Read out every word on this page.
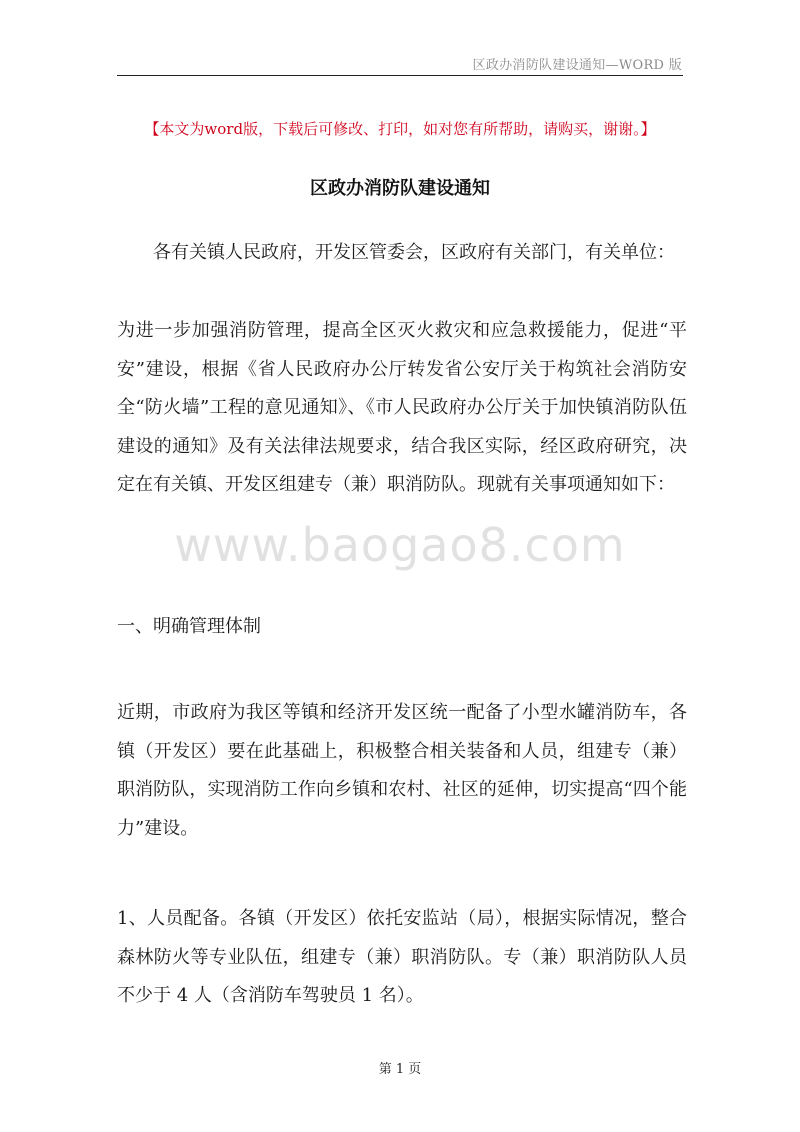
区政办消防队建设通知—WORD 版
【本文为word版，下载后可修改、打印，如对您有所帮助，请购买，谢谢。】
区政办消防队建设通知
各有关镇人民政府，开发区管委会，区政府有关部门，有关单位：
为进一步加强消防管理，提高全区灭火救灾和应急救援能力，促进“平安”建设，根据《省人民政府办公厅转发省公安厅关于构筑社会消防安全“防火墙”工程的意见通知》、《市人民政府办公厅关于加快镇消防队伍建设的通知》及有关法律法规要求，结合我区实际，经区政府研究，决定在有关镇、开发区组建专（兼）职消防队。现就有关事项通知如下：
www.baogao8.com
一、明确管理体制
近期，市政府为我区等镇和经济开发区统一配备了小型水罐消防车，各镇（开发区）要在此基础上，积极整合相关装备和人员，组建专（兼）职消防队，实现消防工作向乡镇和农村、社区的延伸，切实提高“四个能力”建设。
1、人员配备。各镇（开发区）依托安监站（局），根据实际情况，整合森林防火等专业队伍，组建专（兼）职消防队。专（兼）职消防队人员不少于 4 人（含消防车驾驶员 1 名）。
第 1 页
